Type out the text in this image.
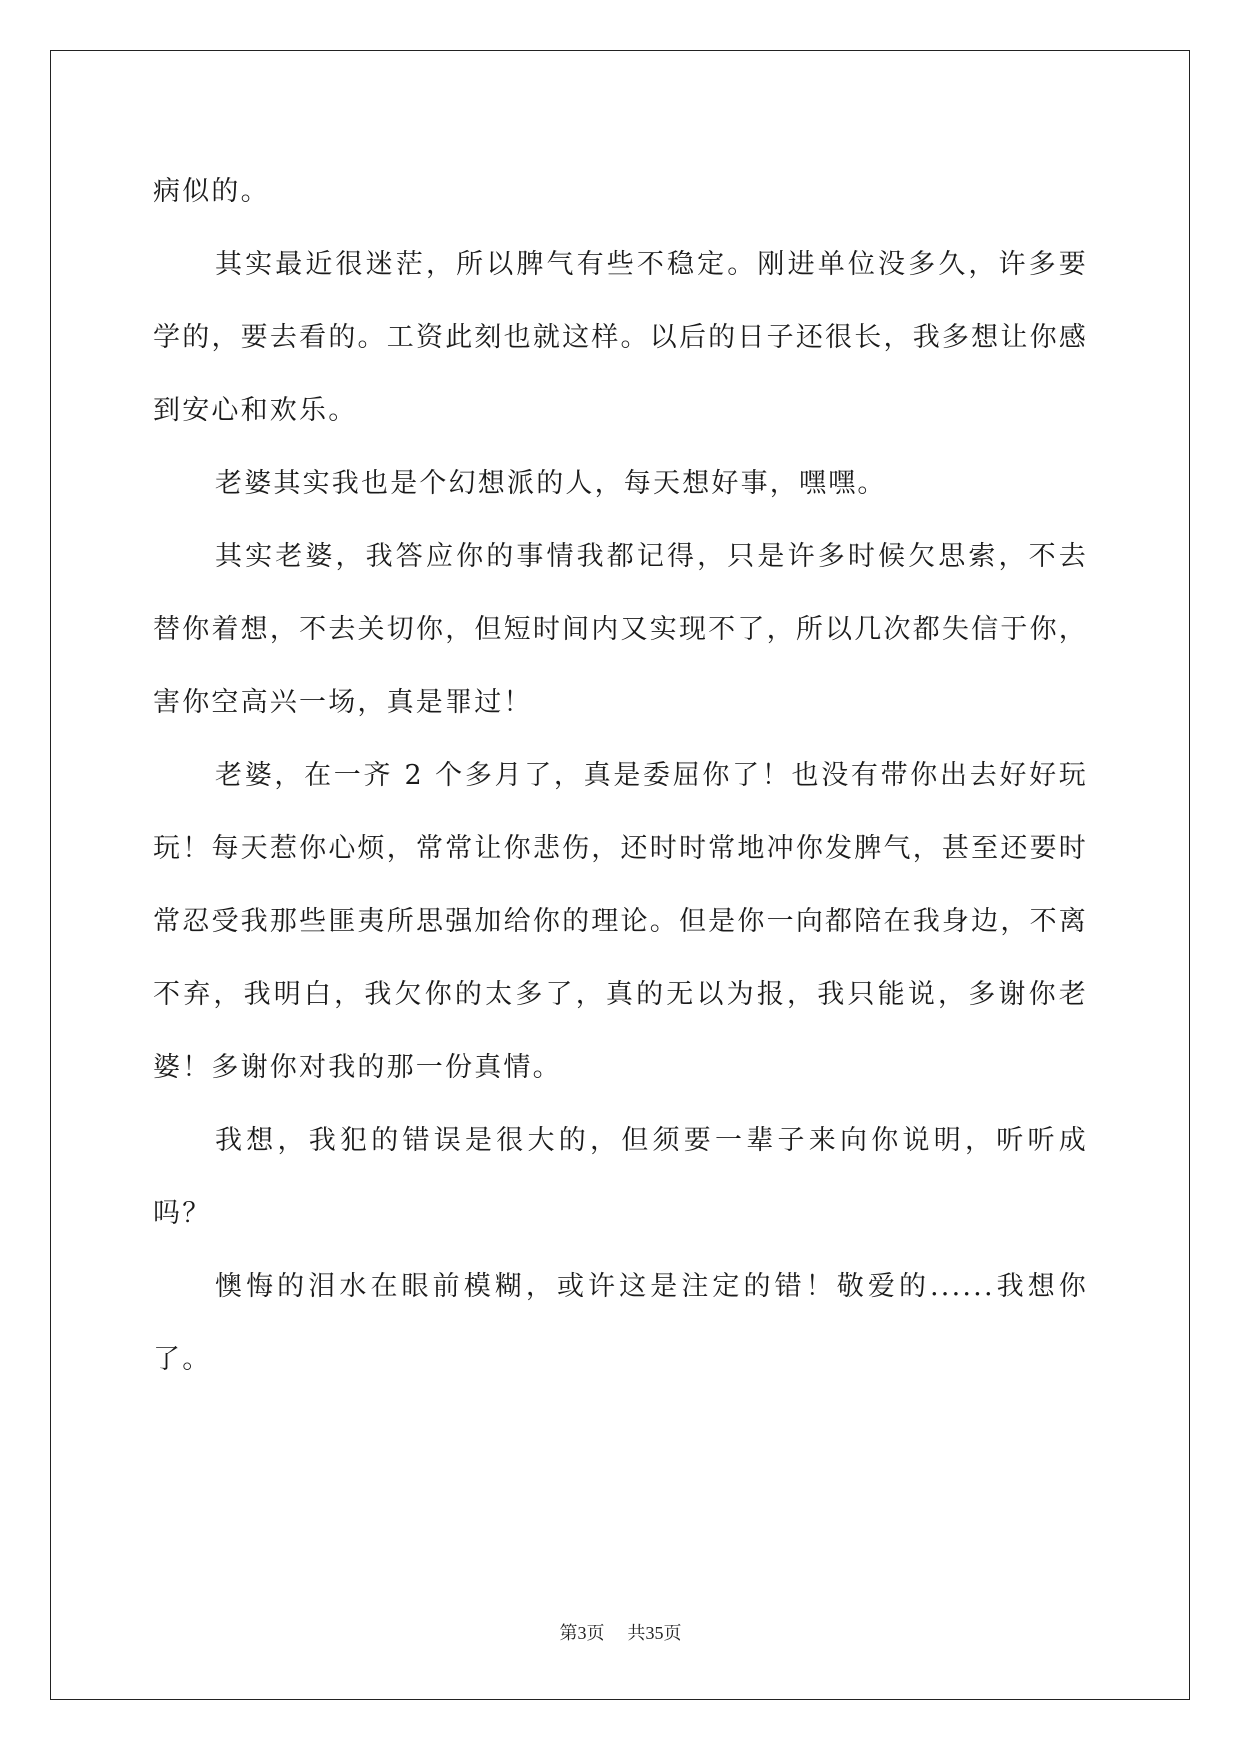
病似的。

其实最近很迷茫，所以脾气有些不稳定。刚进单位没多久，许多要学的，要去看的。工资此刻也就这样。以后的日子还很长，我多想让你感到安心和欢乐。

老婆其实我也是个幻想派的人，每天想好事，嘿嘿。

其实老婆，我答应你的事情我都记得，只是许多时候欠思索，不去替你着想，不去关切你，但短时间内又实现不了，所以几次都失信于你，害你空高兴一场，真是罪过！

老婆，在一齐 2 个多月了，真是委屈你了！也没有带你出去好好玩玩！每天惹你心烦，常常让你悲伤，还时时常地冲你发脾气，甚至还要时常忍受我那些匪夷所思强加给你的理论。但是你一向都陪在我身边，不离不弃，我明白，我欠你的太多了，真的无以为报，我只能说，多谢你老婆！多谢你对我的那一份真情。

我想，我犯的错误是很大的，但须要一辈子来向你说明，听听成吗？

懊悔的泪水在眼前模糊，或许这是注定的错！敬爱的......我想你了。

第3页    共35页
